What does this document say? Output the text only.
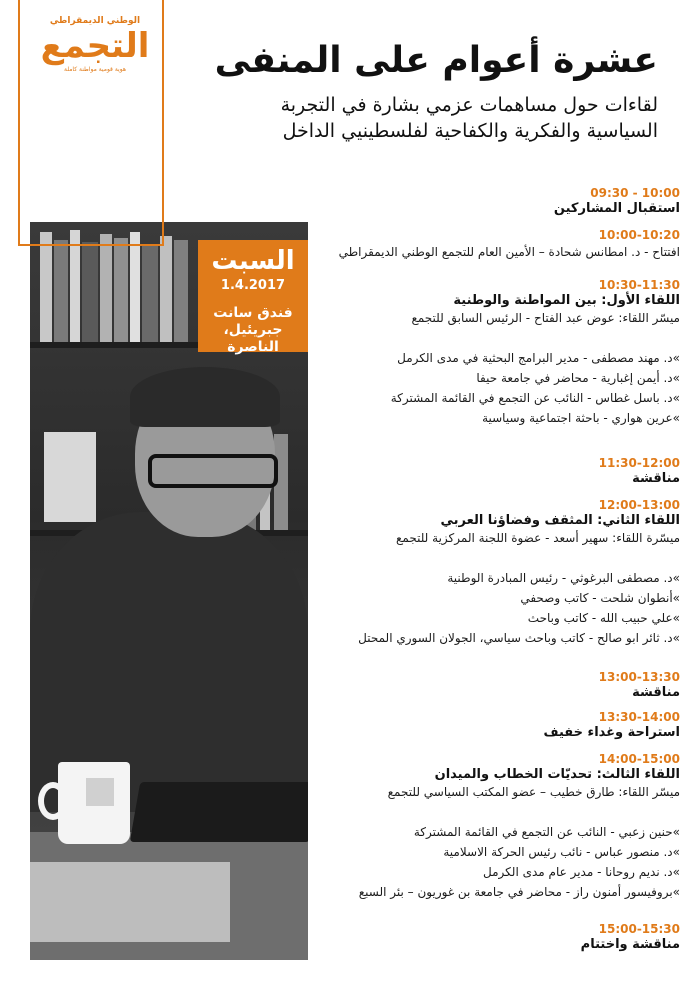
الوطني الديمقراطي
التجمع
هوية قومية مواطنة كاملة	عشرة أعوام على المنفى
لقاءات حول مساهمات عزمي بشارة في التجربة
السياسية والفكرية والكفاحية لفلسطينيي الداخل
السبت
1.4.2017
فندق سانت
جبريئيل، الناصرة
09:30 - 10:00
استقبال المشاركين
10:00-10:20
افتتاح - د. امطانس شحادة – الأمين العام للتجمع الوطني الديمقراطي
10:30-11:30
اللقاء الأول: بين المواطنة والوطنية
ميسّر اللقاء: عوض عبد الفتاح - الرئيس السابق للتجمع

»د. مهند مصطفى - مدير البرامج البحثية في مدى الكرمل
»د. أيمن إغبارية - محاضر في جامعة حيفا
»د. باسل غطاس - النائب عن التجمع في القائمة المشتركة
»عرين هواري - باحثة اجتماعية وسياسية
11:30-12:00
مناقشة
12:00-13:00
اللقاء الثاني: المثقف وفضاؤنا العربي
ميسّرة اللقاء: سهير أسعد - عضوة اللجنة المركزية للتجمع

»د. مصطفى البرغوثي - رئيس المبادرة الوطنية
»أنطوان شلحت - كاتب وصحفي
»علي حبيب الله - كاتب وباحث
»د. ثائر ابو صالح - كاتب وباحث سياسي، الجولان السوري المحتل
13:00-13:30
مناقشة
13:30-14:00
استراحة وغداء خفيف
14:00-15:00
اللقاء الثالث: تحديّات الخطاب والميدان
ميسّر اللقاء: طارق خطيب – عضو المكتب السياسي للتجمع

»حنين زعبي - النائب عن التجمع في القائمة المشتركة
»د. منصور عباس - نائب رئيس الحركة الاسلامية
»د. نديم روحانا - مدير عام مدى الكرمل
»بروفيسور أمنون راز - محاضر في جامعة بن غوريون – بئر السبع
15:00-15:30
مناقشة واختتام
